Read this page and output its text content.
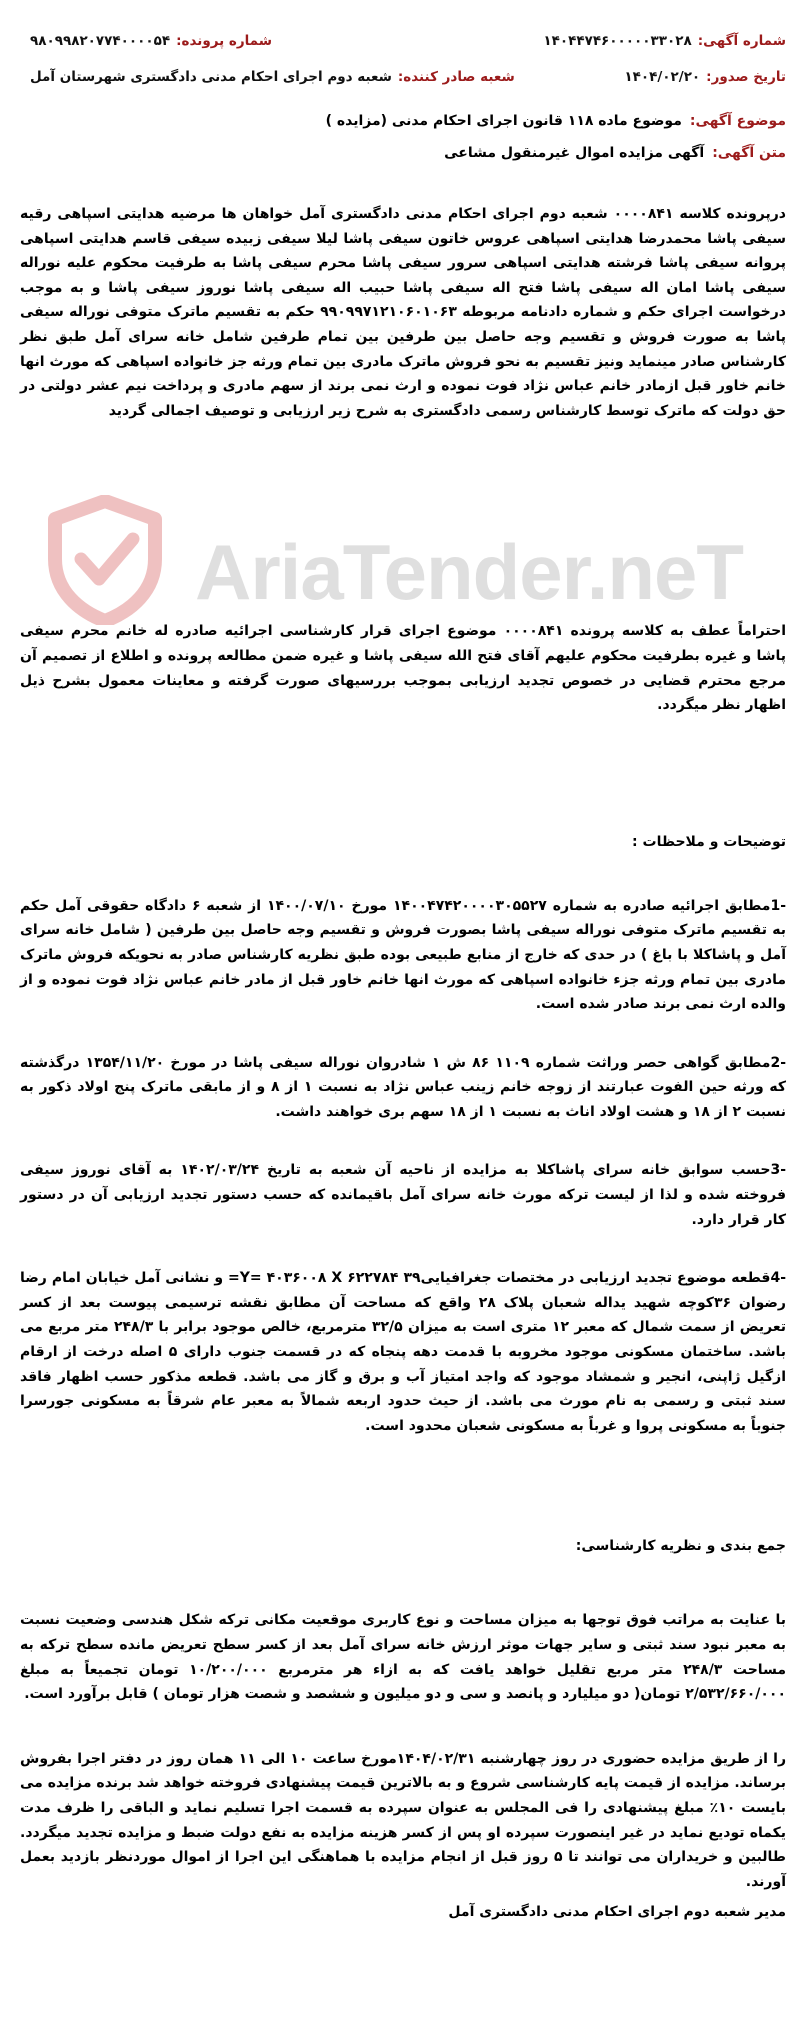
شماره آگهی:
۱۴۰۴۴۷۴۶۰۰۰۰۰۳۳۰۲۸
شماره پرونده:
۹۸۰۹۹۸۲۰۷۷۴۰۰۰۰۵۴
تاریخ صدور:
۱۴۰۴/۰۲/۲۰
شعبه صادر کننده:
شعبه دوم اجرای احکام مدنی دادگستری شهرستان آمل
موضوع آگهی:
موضوع ماده ۱۱۸ قانون اجرای احکام مدنی (مزایده )
متن آگهی:
آگهی مزایده اموال غیرمنقول مشاعی

درپرونده کلاسه ۰۰۰۰۸۴۱ شعبه دوم اجرای احکام مدنی دادگستری آمل خواهان ها مرضیه هدایتی اسپاهی رقیه سیفی پاشا محمدرضا هدایتی اسپاهی عروس خاتون سیفی پاشا لیلا سیفی زبیده سیفی قاسم هدایتی اسپاهی پروانه سیفی پاشا فرشته هدایتی اسپاهی سرور سیفی پاشا محرم سیفی پاشا به طرفیت محکوم علیه نوراله سیفی پاشا امان اله سیفی پاشا فتح اله سیفی پاشا حبیب اله سیفی پاشا نوروز سیفی پاشا و به موجب درخواست اجرای حکم و شماره دادنامه مربوطه ۹۹۰۹۹۷۱۲۱۰۶۰۱۰۶۳ حکم به تقسیم ماترک متوفی نوراله سیفی پاشا به صورت فروش و تقسیم وجه حاصل بین طرفین بین تمام طرفین شامل خانه سرای آمل طبق نظر کارشناس صادر مینماید ونیز تقسیم به نحو فروش ماترک مادری بین تمام ورثه جز خانواده اسپاهی که مورث انها خانم خاور قبل ازمادر خانم عباس نژاد فوت نموده و ارث نمی برند از سهم مادری و پرداخت نیم عشر دولتی در حق دولت که ماترک توسط کارشناس رسمی دادگستری به شرح زیر ارزیابی و توصیف اجمالی گردید

احتراماً عطف به کلاسه پرونده ۰۰۰۰۸۴۱ موضوع اجرای قرار کارشناسی اجرائیه صادره له خانم محرم سیفی پاشا و غیره بطرفیت محکوم علیهم آقای فتح الله سیفی پاشا و غیره ضمن مطالعه پرونده و اطلاع از تصمیم آن مرجع محترم قضایی در خصوص تجدید ارزیابی بموجب بررسیهای صورت گرفته و معاینات معمول بشرح ذیل اظهار نظر میگردد.

توضیحات و ملاحظات :

-1مطابق اجرائیه صادره به شماره ۱۴۰۰۴۷۴۲۰۰۰۰۳۰۵۵۲۷ مورخ ۱۴۰۰/۰۷/۱۰ از شعبه ۶ دادگاه حقوقی آمل حکم به تقسیم ماترک متوفی نوراله سیفی پاشا بصورت فروش و تقسیم وجه حاصل بین طرفین ( شامل خانه سرای آمل و پاشاکلا با باغ ) در حدی که خارج از منابع طبیعی بوده طبق نظریه کارشناس صادر به نحویکه فروش ماترک مادری بین تمام ورثه جزء خانواده اسپاهی که مورث انها خانم خاور قبل از مادر خانم عباس نژاد فوت نموده و از والده ارث نمی برند صادر شده است.

-2مطابق گواهی حصر وراثت شماره ۱۱۰۹ ۸۶ ش ۱ شادروان نوراله سیفی پاشا در مورخ ۱۳۵۴/۱۱/۲۰ درگذشته که ورثه حین الفوت عبارتند از زوجه خانم زینب عباس نژاد به نسبت ۱ از ۸ و از مابقی ماترک پنج اولاد ذکور به نسبت ۲ از ۱۸ و هشت اولاد اناث به نسبت ۱ از ۱۸ سهم بری خواهند داشت.

-3حسب سوابق خانه سرای پاشاکلا به مزایده از ناحیه آن شعبه به تاریخ ۱۴۰۲/۰۳/۲۴ به آقای نوروز سیفی فروخته شده و لذا از لیست ترکه مورث خانه سرای آمل باقیمانده که حسب دستور تجدید ارزیابی آن در دستور کار قرار دارد.

-4قطعه موضوع تجدید ارزیابی در مختصات جغرافیایی۳۹ ۶۲۲۷۸۴ Y= ۴۰۳۶۰۰۸ X= و نشانی آمل خیابان امام رضا رضوان ۳۶کوچه شهید یداله شعبان پلاک ۲۸ واقع که مساحت آن مطابق نقشه ترسیمی پیوست بعد از کسر تعریض از سمت شمال که معبر ۱۲ متری است به میزان ۳۲/۵ مترمربع، خالص موجود برابر با ۲۴۸/۳ متر مربع می باشد. ساختمان مسکونی موجود مخروبه با قدمت دهه پنجاه که در قسمت جنوب دارای ۵ اصله درخت از ارقام ازگیل ژاپنی، انجیر و شمشاد موجود که واجد امتیاز آب و برق و گاز می باشد. قطعه مذکور حسب اظهار فاقد سند ثبتی و رسمی به نام مورث می باشد. از حیث حدود اربعه شمالاً به معبر عام شرقاً به مسکونی جورسرا جنوباً به مسکونی پروا و غرباً به مسکونی شعبان محدود است.

جمع بندی و نظریه کارشناسی:

با عنایت به مراتب فوق توجها به میزان مساحت و نوع کاربری موقعیت مکانی ترکه شکل هندسی وضعیت نسبت به معبر نبود سند ثبتی و سایر جهات موثر ارزش خانه سرای آمل بعد از کسر سطح تعریض مانده سطح ترکه به مساحت ۲۴۸/۳ متر مربع تقلیل خواهد یافت که به ازاء هر مترمربع ۱۰/۲۰۰/۰۰۰ تومان تجمیعاً به مبلغ ۲/۵۳۲/۶۶۰/۰۰۰ تومان( دو میلیارد و پانصد و سی و دو میلیون و ششصد و شصت هزار تومان ) قابل برآورد است.

را از طریق مزایده حضوری در روز چهارشنبه ۱۴۰۴/۰۲/۳۱مورخ ساعت ۱۰ الی ۱۱ همان روز در دفتر اجرا بفروش برساند. مزایده از قیمت پایه کارشناسی شروع و به بالاترین قیمت پیشنهادی فروخته خواهد شد برنده مزایده می بایست ۱۰٪ مبلغ پیشنهادی را فی المجلس به عنوان سپرده به قسمت اجرا تسلیم نماید و الباقی را ظرف مدت یکماه تودیع نماید در غیر اینصورت سپرده او پس از کسر هزینه مزایده به نفع دولت ضبط و مزایده تجدید میگردد. طالبین و خریداران می توانند تا ۵ روز قبل از انجام مزایده با هماهنگی این اجرا از اموال موردنظر بازدید بعمل آورند.

مدیر شعبه دوم اجرای احکام مدنی دادگستری آمل

AriaTender.neT
